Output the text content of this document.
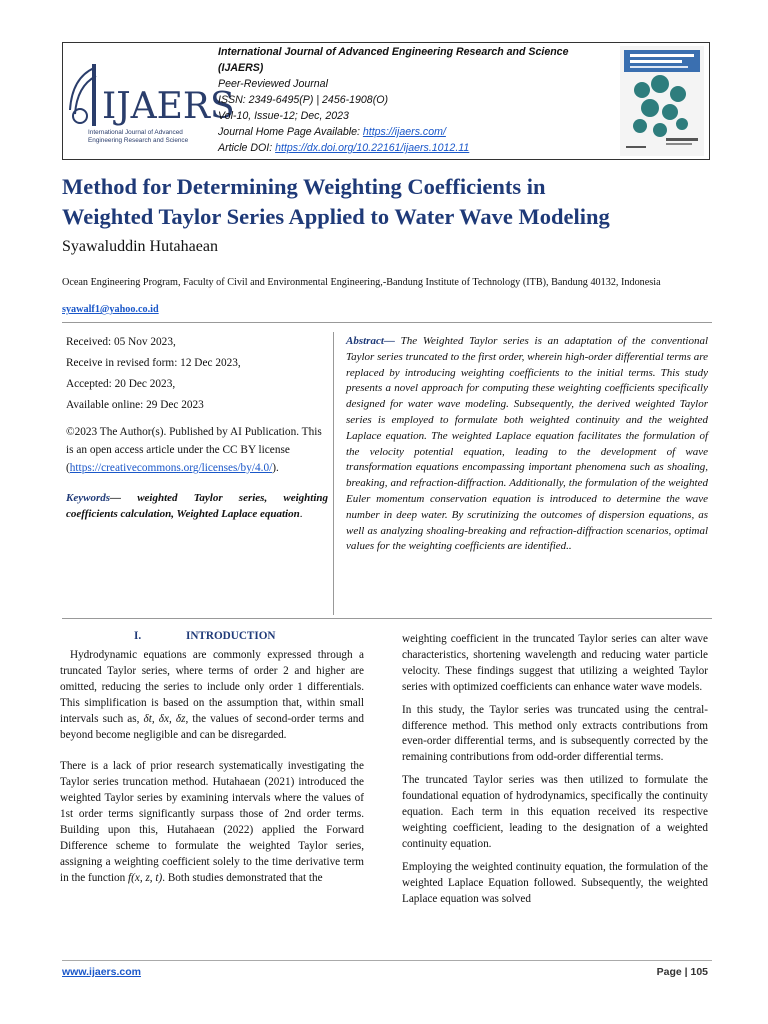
IJAERS
International Journal of Advanced
Engineering Research and Science
International Journal of Advanced Engineering Research and Science
(IJAERS)
Peer-Reviewed Journal
ISSN: 2349-6495(P) | 2456-1908(O)
Vol-10, Issue-12; Dec, 2023
Journal Home Page Available: https://ijaers.com/
Article DOI: https://dx.doi.org/10.22161/ijaers.1012.11
Method for Determining Weighting Coefficients in
Weighted Taylor Series Applied to Water Wave Modeling
Syawaluddin Hutahaean
Ocean Engineering Program, Faculty of Civil and Environmental Engineering,-Bandung Institute of Technology (ITB), Bandung 40132, Indonesia
syawalf1@yahoo.co.id
Received: 05 Nov 2023,
Receive in revised form: 12 Dec 2023,
Accepted: 20 Dec 2023,
Available online: 29 Dec 2023
©2023 The Author(s). Published by AI Publication. This is an open access article under the CC BY license (https://creativecommons.org/licenses/by/4.0/).
Keywords— weighted Taylor series, weighting coefficients calculation, Weighted Laplace equation.
Abstract— The Weighted Taylor series is an adaptation of the conventional Taylor series truncated to the first order, wherein high-order differential terms are replaced by introducing weighting coefficients to the initial terms. This study presents a novel approach for computing these weighting coefficients specifically designed for water wave modeling. Subsequently, the derived weighted Taylor series is employed to formulate both weighted continuity and the weighted Laplace equation. The weighted Laplace equation facilitates the formulation of the velocity potential equation, leading to the development of wave transformation equations encompassing important phenomena such as shoaling, breaking, and refraction-diffraction. Additionally, the formulation of the weighted Euler momentum conservation equation is introduced to determine the wave number in deep water. By scrutinizing the outcomes of dispersion equations, as well as analyzing shoaling-breaking and refraction-diffraction scenarios, optimal values for the weighting coefficients are identified..
I.	INTRODUCTION

Hydrodynamic equations are commonly expressed through a truncated Taylor series, where terms of order 2 and higher are omitted, reducing the series to include only order 1 differentials. This simplification is based on the assumption that, within small intervals such as, δt, δx, δz, the values of second-order terms and beyond become negligible and can be disregarded.

There is a lack of prior research systematically investigating the Taylor series truncation method. Hutahaean (2021) introduced the weighted Taylor series by examining intervals where the values of 1st order terms significantly surpass those of 2nd order terms. Building upon this, Hutahaean (2022) applied the Forward Difference scheme to formulate the weighted Taylor series, assigning a weighting coefficient solely to the time derivative term in the function f(x, z, t). Both studies demonstrated that the

weighting coefficient in the truncated Taylor series can alter wave characteristics, shortening wavelength and reducing water particle velocity. These findings suggest that utilizing a weighted Taylor series with optimized coefficients can enhance water wave models.

In this study, the Taylor series was truncated using the central-difference method. This method only extracts contributions from even-order differential terms, and is subsequently corrected by the remaining contributions from odd-order differential terms.

The truncated Taylor series was then utilized to formulate the foundational equation of hydrodynamics, specifically the continuity equation. Each term in this equation received its respective weighting coefficient, leading to the designation of a weighted continuity equation.

Employing the weighted continuity equation, the formulation of the weighted Laplace Equation followed. Subsequently, the weighted Laplace equation was solved

www.ijaers.com	Page | 105
